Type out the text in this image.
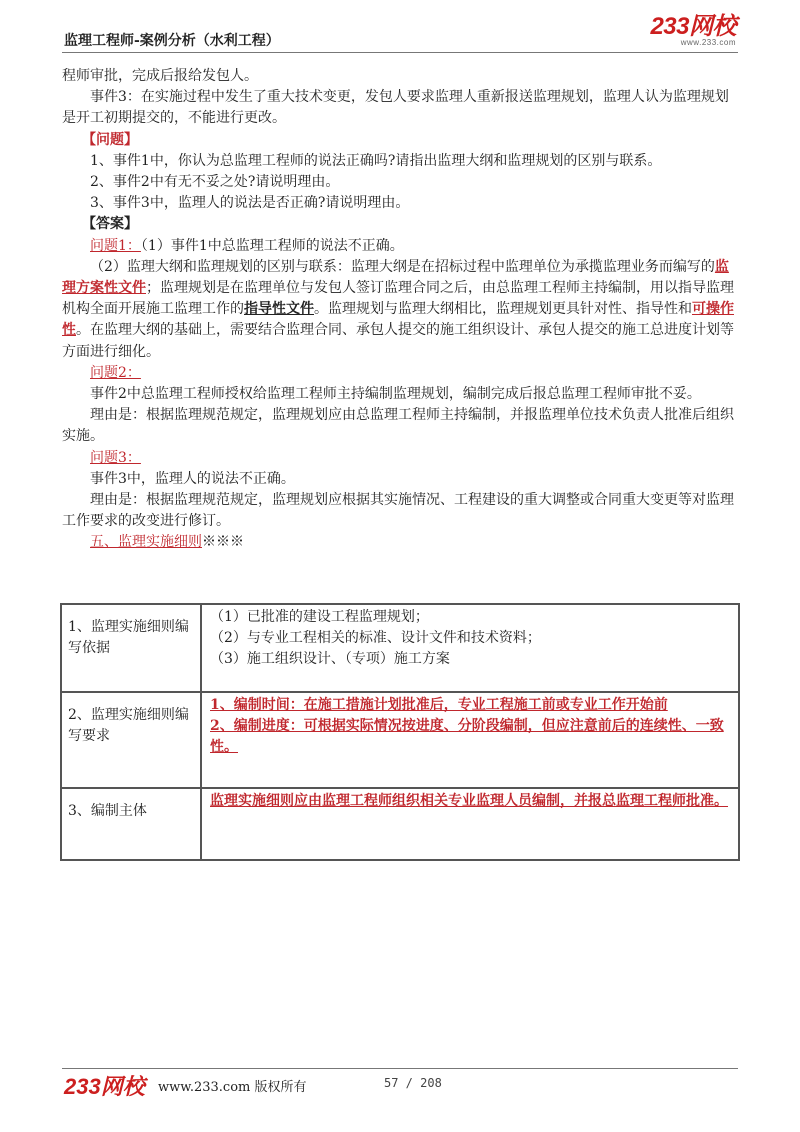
监理工程师-案例分析（水利工程）
233网校
www.233.com

程师审批，完成后报给发包人。

事件3：在实施过程中发生了重大技术变更，发包人要求监理人重新报送监理规划，监理人认为监理规划是开工初期提交的，不能进行更改。

【问题】

1、事件1中，你认为总监理工程师的说法正确吗?请指出监理大纲和监理规划的区别与联系。

2、事件2中有无不妥之处?请说明理由。

3、事件3中，监理人的说法是否正确?请说明理由。

【答案】

问题1：（1）事件1中总监理工程师的说法不正确。

（2）监理大纲和监理规划的区别与联系：监理大纲是在招标过程中监理单位为承揽监理业务而编写的监理方案性文件；监理规划是在监理单位与发包人签订监理合同之后，由总监理工程师主持编制，用以指导监理机构全面开展施工监理工作的指导性文件。监理规划与监理大纲相比，监理规划更具针对性、指导性和可操作性。在监理大纲的基础上，需要结合监理合同、承包人提交的施工组织设计、承包人提交的施工总进度计划等方面进行细化。

问题2：

事件2中总监理工程师授权给监理工程师主持编制监理规划，编制完成后报总监理工程师审批不妥。

理由是：根据监理规范规定，监理规划应由总监理工程师主持编制，并报监理单位技术负责人批准后组织实施。

问题3：

事件3中，监理人的说法不正确。

理由是：根据监理规范规定，监理规划应根据其实施情况、工程建设的重大调整或合同重大变更等对监理工作要求的改变进行修订。

五、监理实施细则※※※

1、监理实施细则编写依据	（1）已批准的建设工程监理规划；
（2）与专业工程相关的标准、设计文件和技术资料；
（3）施工组织设计、（专项）施工方案

2、监理实施细则编写要求	1、编制时间：在施工措施计划批准后，专业工程施工前或专业工作开始前
2、编制进度：可根据实际情况按进度、分阶段编制，但应注意前后的连续性、一致性。

3、编制主体	监理实施细则应由监理工程师组织相关专业监理人员编制，并报总监理工程师批准。
233网校 www.233.com 版权所有	57 / 208
